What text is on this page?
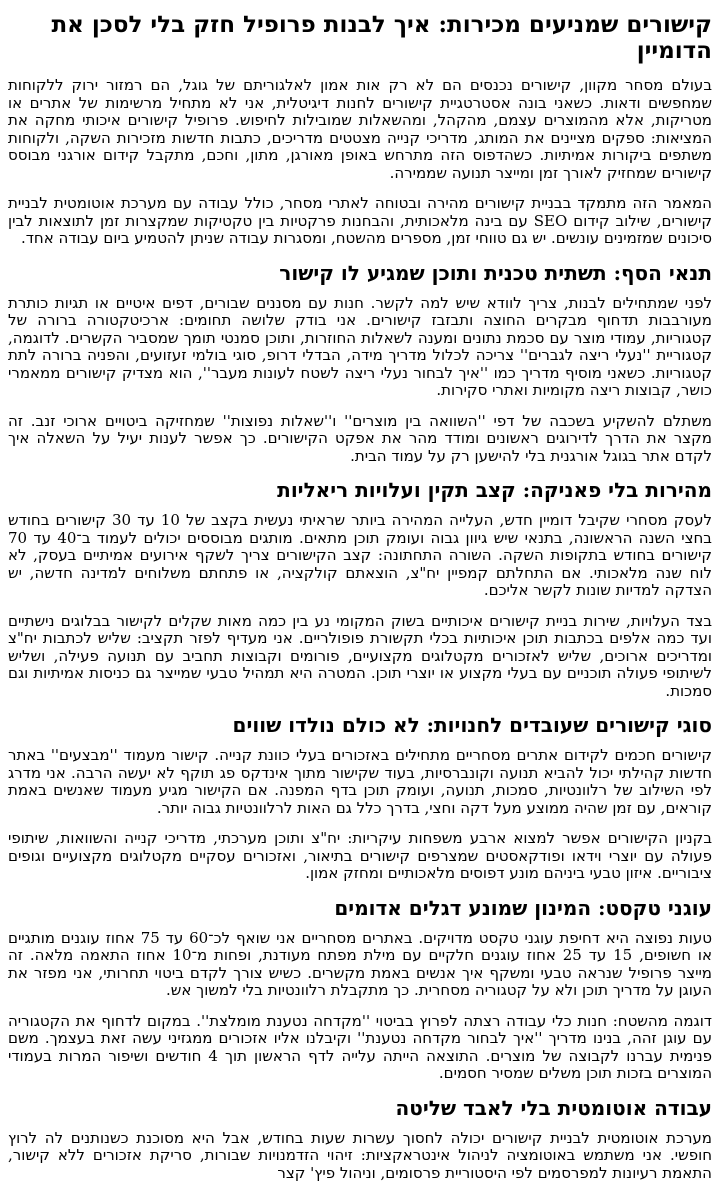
קישורים שמניעים מכירות: איך לבנות פרופיל חזק בלי לסכן את הדומיין

בעולם מסחר מקוון, קישורים נכנסים הם לא רק אות אמון לאלגוריתם של גוגל, הם רמזור ירוק ללקוחות שמחפשים ודאות. כשאני בונה אסטרטגיית קישורים לחנות דיגיטלית, אני לא מתחיל מרשימות של אתרים או מטריקות, אלא מהמוצרים עצמם, מהקהל, ומהשאלות שמובילות לחיפוש. פרופיל קישורים איכותי מחקה את המציאות: ספקים מציינים את המותג, מדריכי קנייה מצטטים מדריכים, כתבות חדשות מזכירות השקה, ולקוחות משתפים ביקורות אמיתיות. כשהדפוס הזה מתרחש באופן מאורגן, מתון, וחכם, מתקבל קידום אורגני מבוסס קישורים שמחזיק לאורך זמן ומייצר תנועה שממירה.

המאמר הזה מתמקד בבניית קישורים מהירה ובטוחה לאתרי מסחר, כולל עבודה עם מערכת אוטומטית לבניית קישורים, שילוב קידום SEO עם בינה מלאכותית, והבחנות פרקטיות בין טקטיקות שמקצרות זמן לתוצאות לבין סיכונים שמזמינים עונשים. יש גם טווחי זמן, מספרים מהשטח, ומסגרות עבודה שניתן להטמיע ביום עבודה אחד.

תנאי הסף: תשתית טכנית ותוכן שמגיע לו קישור

לפני שמתחילים לבנות, צריך לוודא שיש למה לקשר. חנות עם מסננים שבורים, דפים איטיים או תגיות כותרת מעורבבות תדחוף מבקרים החוצה ותבזבז קישורים. אני בודק שלושה תחומים: ארכיטקטורה ברורה של קטגוריות, עמודי מוצר עם סכמת נתונים ומענה לשאלות החוזרות, ותוכן סמנטי תומך שמסביר הקשרים. לדוגמה, קטגוריית ''נעלי ריצה לגברים'' צריכה לכלול מדריך מידה, הבדלי דרופ, סוגי בולמי זעזועים, והפניה ברורה לתת קטגוריות. כשאני מוסיף מדריך כמו ''איך לבחור נעלי ריצה לשטח לעונות מעבר'', הוא מצדיק קישורים ממאמרי כושר, קבוצות ריצה מקומיות ואתרי סקירות.

משתלם להשקיע בשכבה של דפי ''השוואה בין מוצרים'' ו''שאלות נפוצות'' שמחזיקה ביטויים ארוכי זנב. זה מקצר את הדרך לדירוגים ראשונים ומודד מהר את אפקט הקישורים. כך אפשר לענות יעיל על השאלה איך לקדם אתר בגוגל אורגנית בלי להישען רק על עמוד הבית.

מהירות בלי פאניקה: קצב תקין ועלויות ריאליות

לעסק מסחרי שקיבל דומיין חדש, העלייה המהירה ביותר שראיתי נעשית בקצב של 10 עד 30 קישורים בחודש בחצי השנה הראשונה, בתנאי שיש גיוון גבוה ועומק תוכן מתאים. מותגים מבוססים יכולים לעמוד ב־40 עד 70 קישורים בחודש בתקופות השקה. השורה התחתונה: קצב הקישורים צריך לשקף אירועים אמיתיים בעסק, לא לוח שנה מלאכותי. אם התחלתם קמפיין יח"צ, הוצאתם קולקציה, או פתחתם משלוחים למדינה חדשה, יש הצדקה למדיות שונות לקשר אליכם.

בצד העלויות, שירות בניית קישורים איכותיים בשוק המקומי נע בין כמה מאות שקלים לקישור בבלוגים נישתיים ועד כמה אלפים בכתבות תוכן איכותיות בכלי תקשורת פופולריים. אני מעדיף לפזר תקציב: שליש לכתבות יח"צ ומדריכים ארוכים, שליש לאזכורים מקטלוגים מקצועיים, פורומים וקבוצות תחביב עם תנועה פעילה, ושליש לשיתופי פעולה תוכניים עם בעלי מקצוע או יוצרי תוכן. המטרה היא תמהיל טבעי שמייצר גם כניסות אמיתיות וגם סמכות.

סוגי קישורים שעובדים לחנויות: לא כולם נולדו שווים

קישורים חכמים לקידום אתרים מסחריים מתחילים באזכורים בעלי כוונת קנייה. קישור מעמוד ''מבצעים'' באתר חדשות קהילתי יכול להביא תנועה וקונברסיות, בעוד שקישור מתוך אינדקס פג תוקף לא יעשה הרבה. אני מדרג לפי השילוב של רלוונטיות, סמכות, תנועה, ועומק תוכן בדף המפנה. אם הקישור מגיע מעמוד שאנשים באמת קוראים, עם זמן שהיה ממוצע מעל דקה וחצי, בדרך כלל גם האות לרלוונטיות גבוה יותר.

בקניון הקישורים אפשר למצוא ארבע משפחות עיקריות: יח"צ ותוכן מערכתי, מדריכי קנייה והשוואות, שיתופי פעולה עם יוצרי וידאו ופודקאסטים שמצרפים קישורים בתיאור, ואזכורים עסקיים מקטלוגים מקצועיים וגופים ציבוריים. איזון טבעי ביניהם מונע דפוסים מלאכותיים ומחזק אמון.

עוגני טקסט: המינון שמונע דגלים אדומים

טעות נפוצה היא דחיפת עוגני טקסט מדויקים. באתרים מסחריים אני שואף לכ־60 עד 75 אחוז עוגנים מותגיים או חשופים, 15 עד 25 אחוז עוגנים חלקיים עם מילת מפתח מעודנת, ופחות מ־10 אחוז התאמה מלאה. זה מייצר פרופיל שנראה טבעי ומשקף איך אנשים באמת מקשרים. כשיש צורך לקדם ביטוי תחרותי, אני מפזר את העוגן על מדריך תוכן ולא על קטגוריה מסחרית. כך מתקבלת רלוונטיות בלי למשוך אש.

דוגמה מהשטח: חנות כלי עבודה רצתה לפרוץ בביטוי ''מקדחה נטענת מומלצת''. במקום לדחוף את הקטגוריה עם עוגן זהה, בנינו מדריך ''איך לבחור מקדחה נטענת'' וקיבלנו אליו אזכורים ממגזיני עשה זאת בעצמך. משם פנימית עברנו לקבוצה של מוצרים. התוצאה הייתה עלייה לדף הראשון תוך 4 חודשים ושיפור המרות בעמודי המוצרים בזכות תוכן משלים שמסיר חסמים.

עבודה אוטומטית בלי לאבד שליטה

מערכת אוטומטית לבניית קישורים יכולה לחסוך עשרות שעות בחודש, אבל היא מסוכנת כשנותנים לה לרוץ חופשי. אני משתמש באוטומציה לניהול אינטראקציות: זיהוי הזדמנויות שבורות, סריקת אזכורים ללא קישור, התאמת רעיונות למפרסמים לפי היסטוריית פרסומים, וניהול פיץ' קצר
